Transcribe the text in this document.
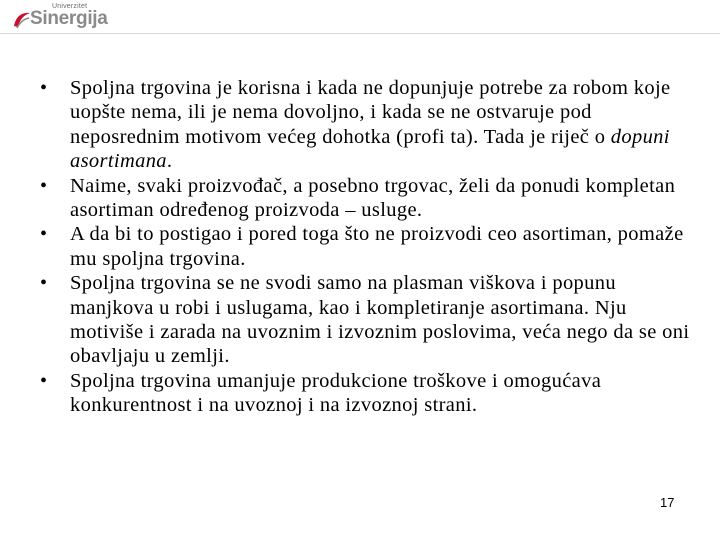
Univerzitet
Sinergija
• Spoljna trgovina je korisna i kada ne dopunjuje potrebe za robom koje uopšte nema, ili je nema dovoljno, i kada se ne ostvaruje pod neposrednim motivom većeg dohotka (profi ta). Tada je riječ o dopuni asortimana.
• Naime, svaki proizvođač, a posebno trgovac, želi da ponudi kompletan asortiman određenog proizvoda – usluge.
• A da bi to postigao i pored toga što ne proizvodi ceo asortiman, pomaže mu spoljna trgovina.
• Spoljna trgovina se ne svodi samo na plasman viškova i popunu manjkova u robi i uslugama, kao i kompletiranje asortimana. Nju motiviše i zarada na uvoznim i izvoznim poslovima, veća nego da se oni obavljaju u zemlji.
• Spoljna trgovina umanjuje produkcione troškove i omogućava konkurentnost i na uvoznoj i na izvoznoj strani.
17
